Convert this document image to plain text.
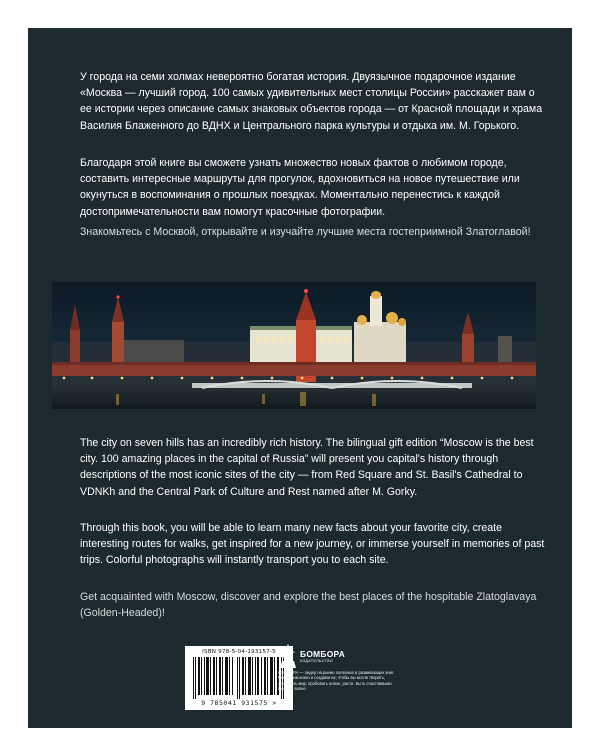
У города на семи холмах невероятно богатая история. Двуязычное подарочное издание «Москва — лучший город. 100 самых удивительных мест столицы России» расскажет вам о ее истории через описание самых знаковых объектов города — от Красной площади и храма Василия Блаженного до ВДНХ и Центрального парка культуры и отдыха им. М. Горького.

Благодаря этой книге вы сможете узнать множество новых фактов о любимом городе, составить интересные маршруты для прогулок, вдохновиться на новое путешествие или окунуться в воспоминания о прошлых поездках. Моментально перенестись к каждой достопримечательности вам помогут красочные фотографии.

Знакомьтесь с Москвой, открывайте и изучайте лучшие места гостеприимной Златоглавой!

The city on seven hills has an incredibly rich history. The bilingual gift edition “Moscow is the best city. 100 amazing places in the capital of Russia” will present you capital's history through descriptions of the most iconic sites of the city — from Red Square and St. Basil's Cathedral to VDNKh and the Central Park of Culture and Rest named after M. Gorky.

Through this book, you will be able to learn many new facts about your favorite city, create interesting routes for walks, get inspired for a new journey, or immerse yourself in memories of past trips. Colorful photographs will instantly transport you to each site.

Get acquainted with Moscow, discover and explore the best places of the hospitable Zlatoglavaya (Golden-Headed)!

ISBN 978-5-04-193157-5
9 785041 931575 >
БОМБОРА
ИЗДАТЕЛЬСТВО

БОМБОРА — лидер на рынке полезных и развивающих книг. Мы любим книги и создаем их, чтобы вы могли творить, открывать мир, пробовать новое, расти. Быть счастливыми. Быть на волне.
